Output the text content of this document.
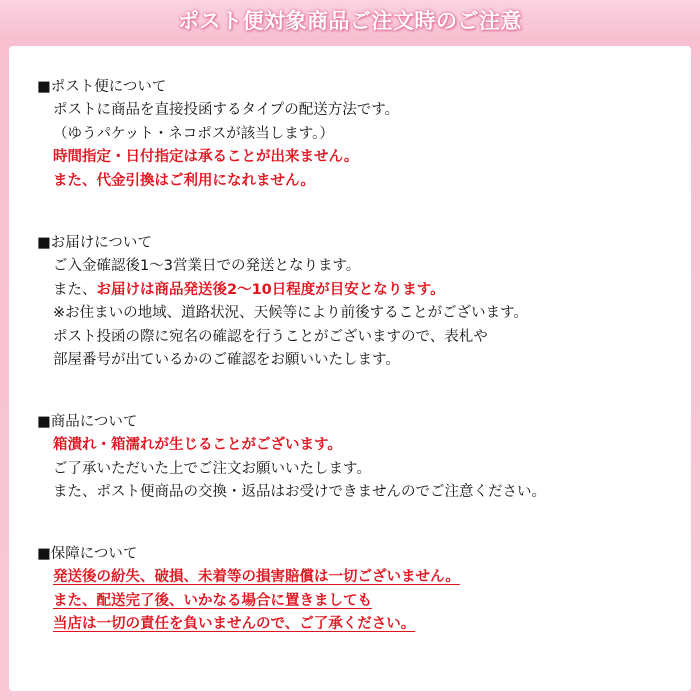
ポスト便対象商品ご注文時のご注意
■ポスト便について
ポストに商品を直接投函するタイプの配送方法です。
（ゆうパケット・ネコポスが該当します。）
時間指定・日付指定は承ることが出来ません。
また、代金引換はご利用になれません。
■お届けについて
ご入金確認後1～3営業日での発送となります。
また、お届けは商品発送後2～10日程度が目安となります。
※お住まいの地域、道路状況、天候等により前後することがございます。
ポスト投函の際に宛名の確認を行うことがございますので、表札や
部屋番号が出ているかのご確認をお願いいたします。
■商品について
箱潰れ・箱濡れが生じることがございます。
ご了承いただいた上でご注文お願いいたします。
また、ポスト便商品の交換・返品はお受けできませんのでご注意ください。
■保障について
発送後の紛失、破損、未着等の損害賠償は一切ございません。
また、配送完了後、いかなる場合に置きましても
当店は一切の責任を負いませんので、ご了承ください。
